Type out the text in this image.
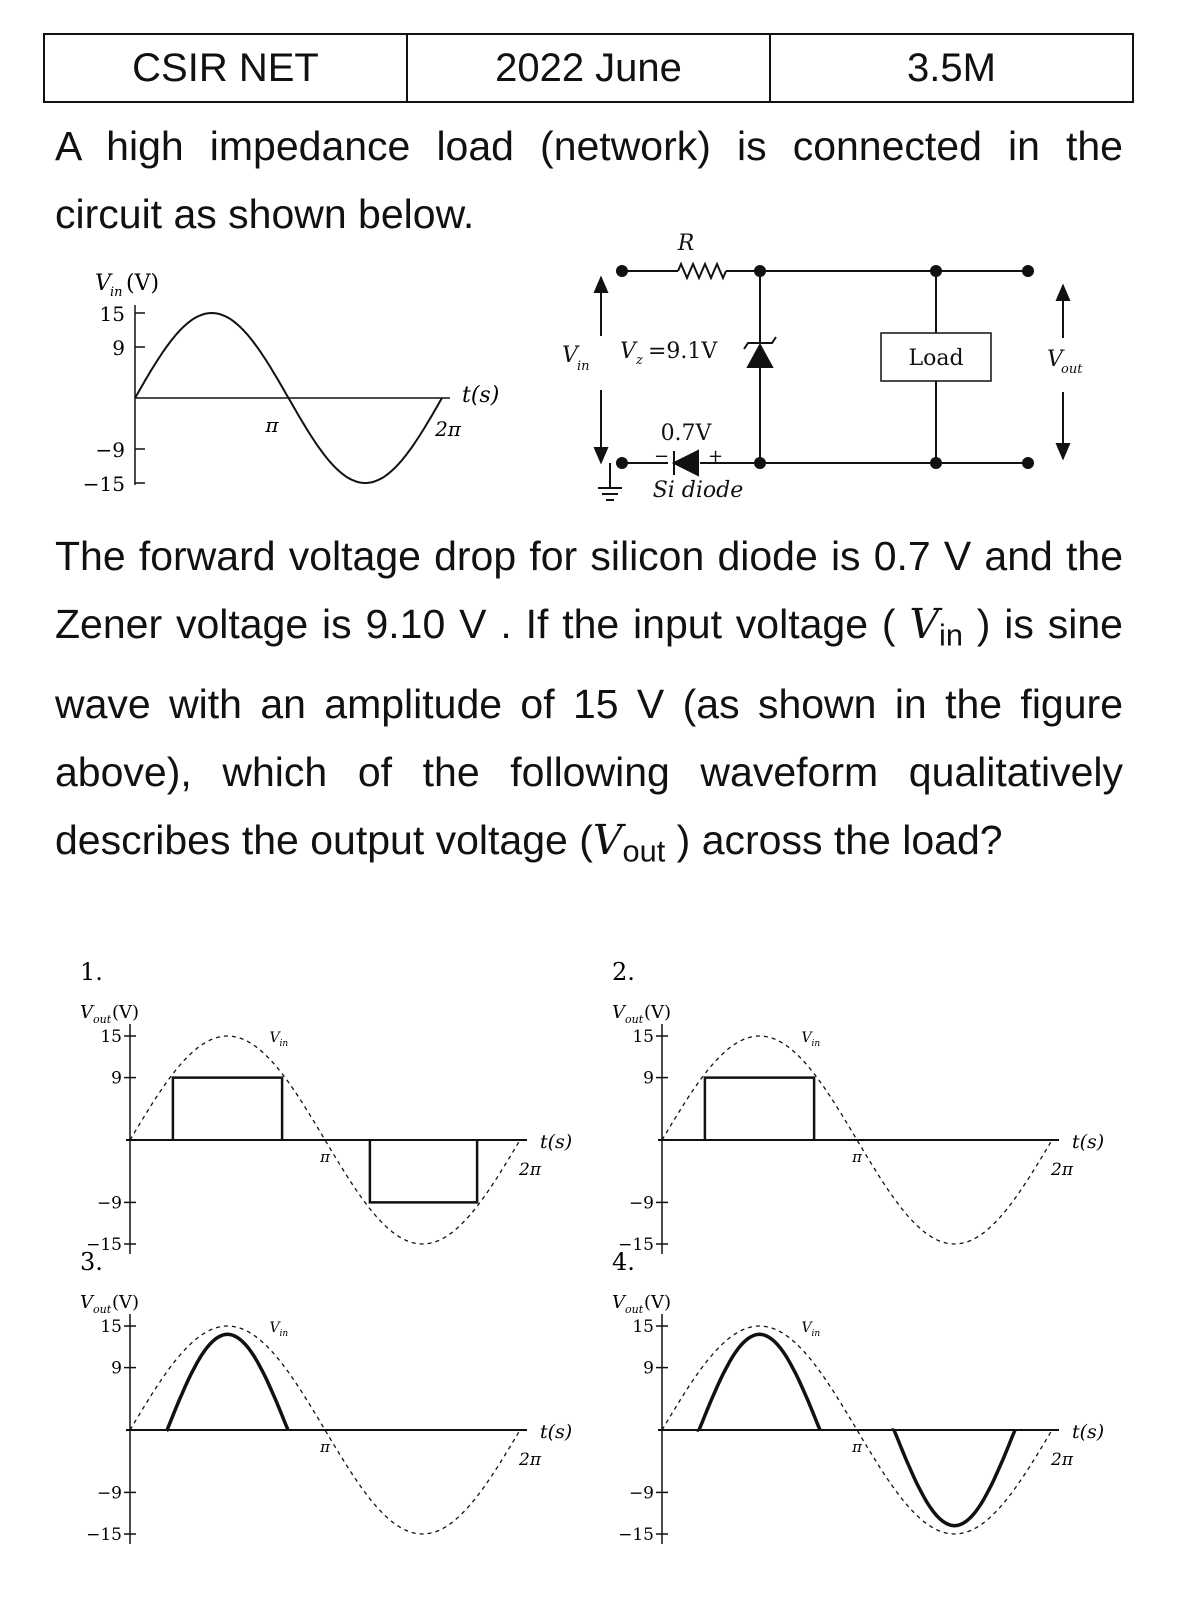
CSIR NET	2022 June	3.5M

A high impedance load (network) is connected in the circuit as shown below.

The forward voltage drop for silicon diode is 0.7 V and the Zener voltage is 9.10 V . If the input voltage ( $V_{in}$ ) is sine wave with an amplitude of 15 V (as shown in the figure above), which of the following waveform qualitatively describes the output voltage ($V_{out}$ ) across the load?

V in (V)
15
9
−9
−15
π	2π
t(s)
R
V in
V z =9.1V
0.7V
− +
Si diode
Load	V
out
1.
V out (V)
15
9
−9
−15
π
2π
t(s)
V in
2.
V out (V)
15
9
−9
−15
π
2π
t(s)
V in
3.
V out (V)
15
9
−9
−15
π
2π
t(s)
V in
4.
V out (V)
15
9
−9
−15
π
2π
t(s)
V in
